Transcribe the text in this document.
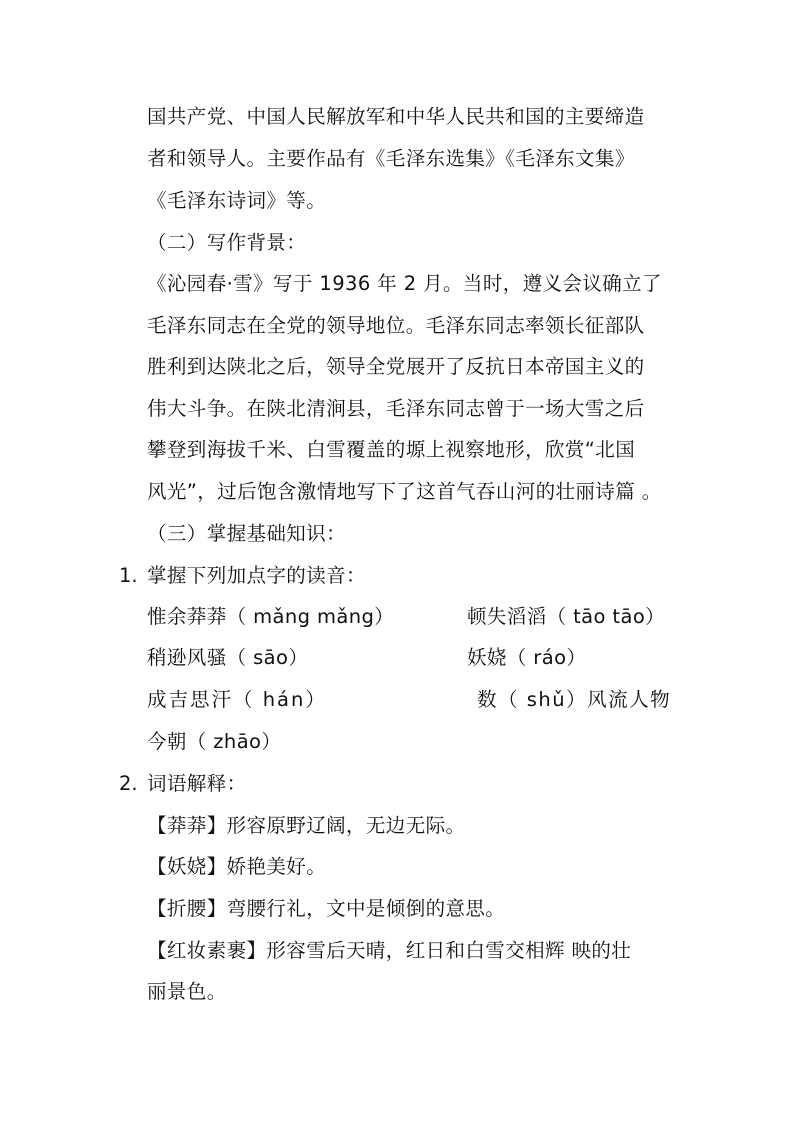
国共产党、中国人民解放军和中华人民共和国的主要缔造
者和领导人。主要作品有《毛泽东选集》《毛泽东文集》
《毛泽东诗词》等。
（二）写作背景：
《沁园春·雪》写于 1936 年 2 月。当时，遵义会议确立了
毛泽东同志在全党的领导地位。毛泽东同志率领长征部队
胜利到达陕北之后，领导全党展开了反抗日本帝国主义的
伟大斗争。在陕北清涧县，毛泽东同志曾于一场大雪之后
攀登到海拔千米、白雪覆盖的塬上视察地形，欣赏“北国
风光”，过后饱含激情地写下了这首气吞山河的壮丽诗篇 。
（三）掌握基础知识：
1. 掌握下列加点字的读音：
惟余莽莽（ mǎng mǎng）	顿失滔滔（ tāo tāo）
稍逊风骚（ sāo）	妖娆（ ráo）
成吉思汗（ hán）	数（ shǔ）风流人物
今朝（ zhāo）
2. 词语解释：
【莽莽】形容原野辽阔，无边无际。
【妖娆】娇艳美好。
【折腰】弯腰行礼，文中是倾倒的意思。
【红妆素裹】形容雪后天晴，红日和白雪交相辉 映的壮
丽景色。
